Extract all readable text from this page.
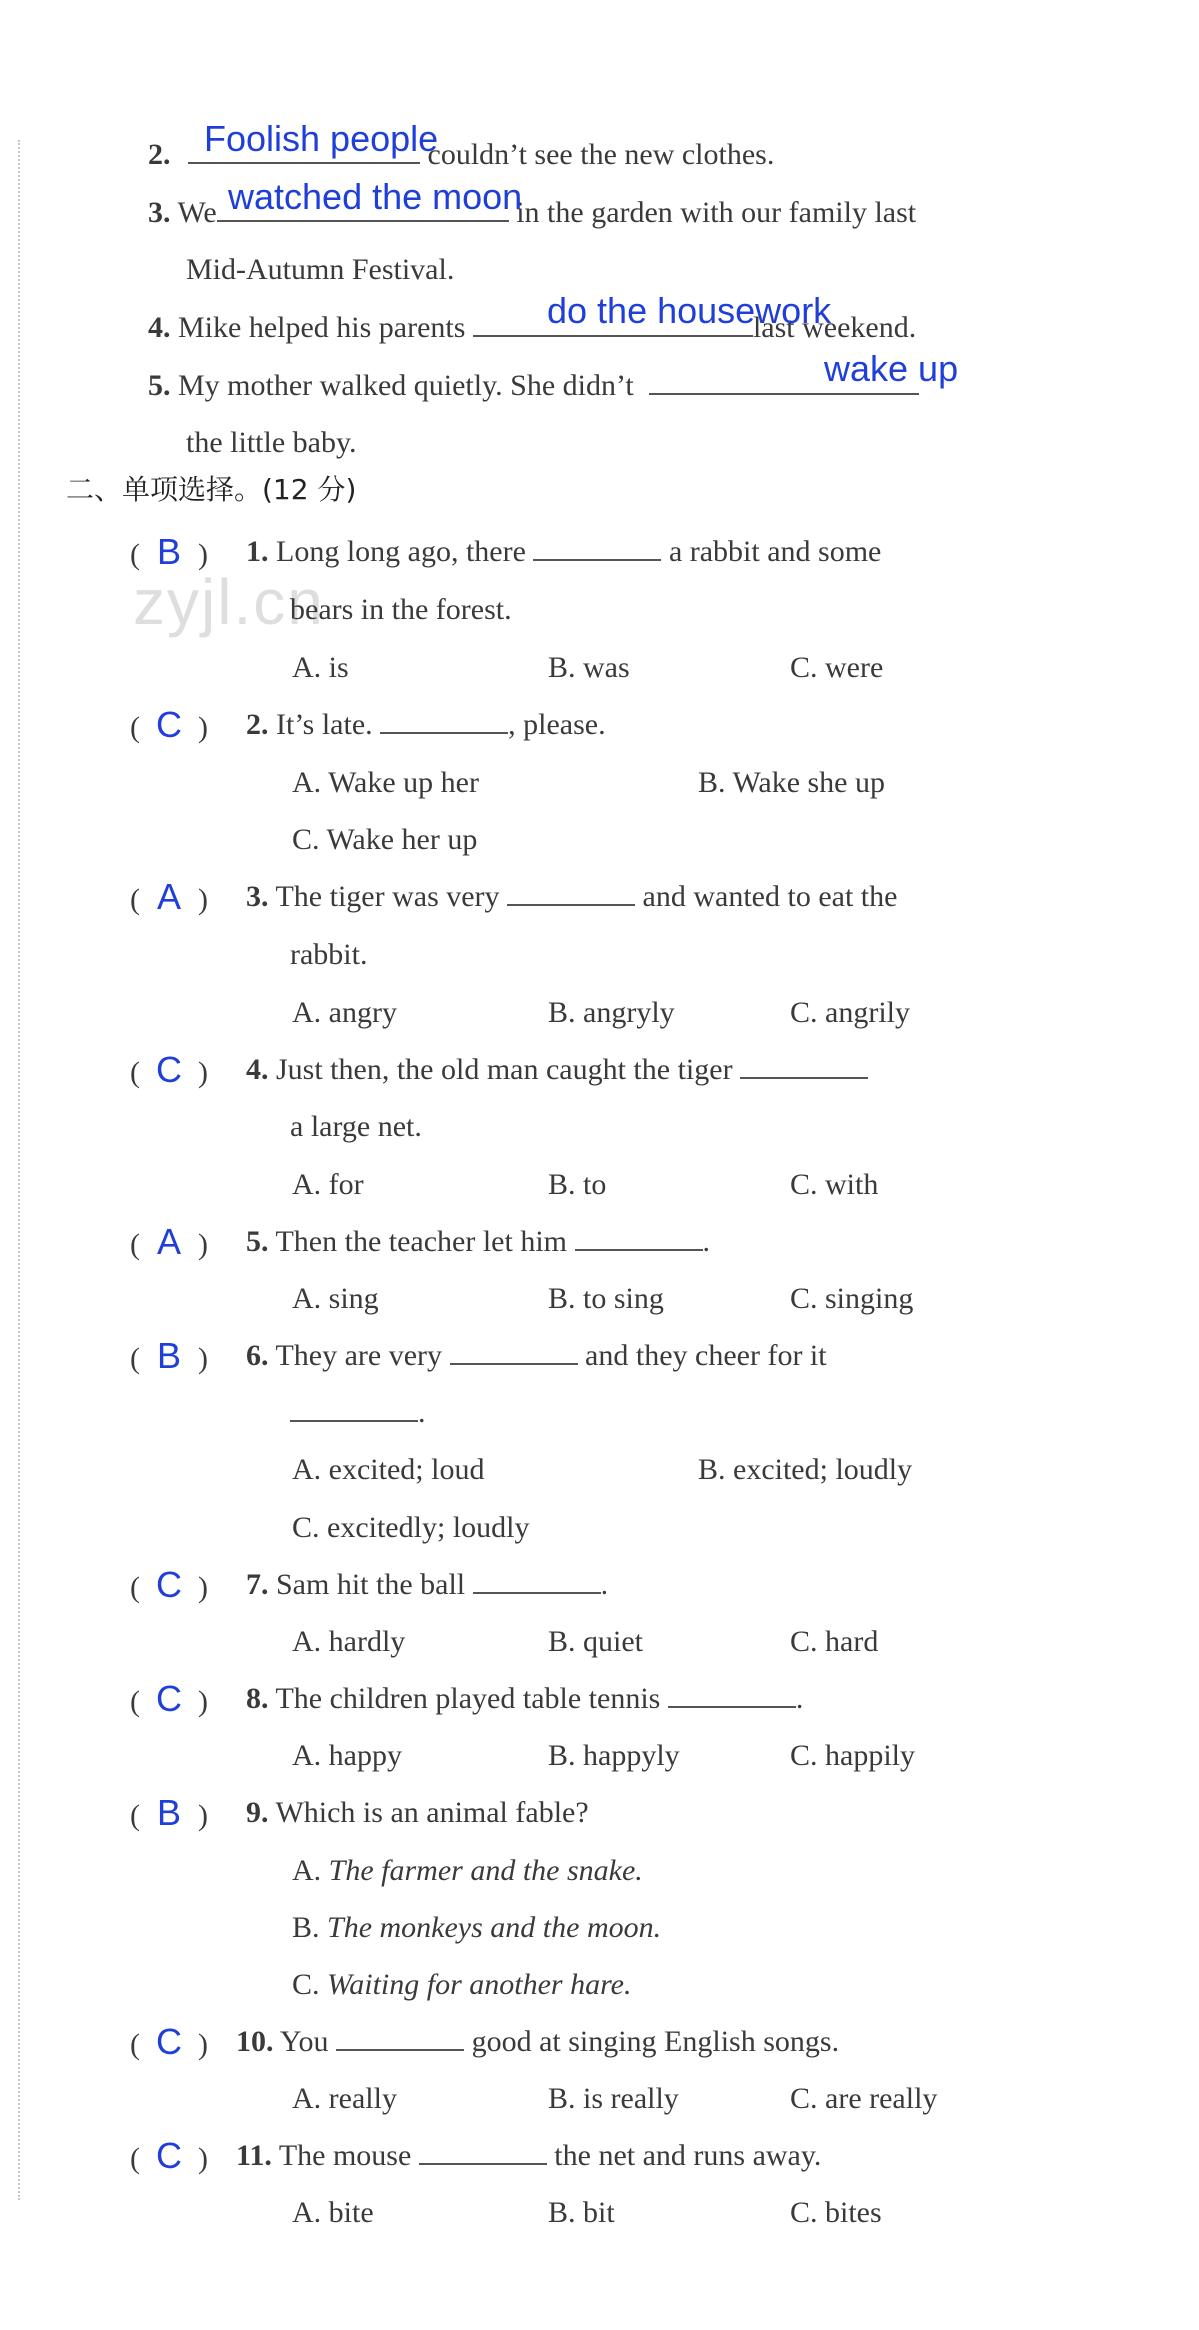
2.	couldn’t see the new clothes.
Foolish people
3. We	in the garden with our family last
watched the moon
Mid-Autumn Festival.
4. Mike helped his parents	last weekend.
do the housework
5. My mother walked quietly. She didn’t	wake up
the little baby.
二、单项选择。(12 分)
zyjl.cn
( B ) 1. Long long ago, there	a rabbit and some
bears in the forest.
A. is	B. was	C. were
( C ) 2. It’s late.	, please.
A. Wake up her	B. Wake she up
C. Wake her up
( A ) 3. The tiger was very	and wanted to eat the
rabbit.
A. angry	B. angryly	C. angrily
( C ) 4. Just then, the old man caught the tiger
a large net.
A. for	B. to	C. with
( A ) 5. Then the teacher let him	.
A. sing	B. to sing	C. singing
( B ) 6. They are very	and they cheer for it
.
A. excited; loud	B. excited; loudly
C. excitedly; loudly
( C ) 7. Sam hit the ball	.
A. hardly	B. quiet	C. hard
( C ) 8. The children played table tennis	.
A. happy	B. happyly	C. happily
( B ) 9. Which is an animal fable?
A. The farmer and the snake.
B. The monkeys and the moon.
C. Waiting for another hare.
( C ) 10. You	good at singing English songs.
A. really	B. is really	C. are really
( C ) 11. The mouse	the net and runs away.
A. bite	B. bit	C. bites
